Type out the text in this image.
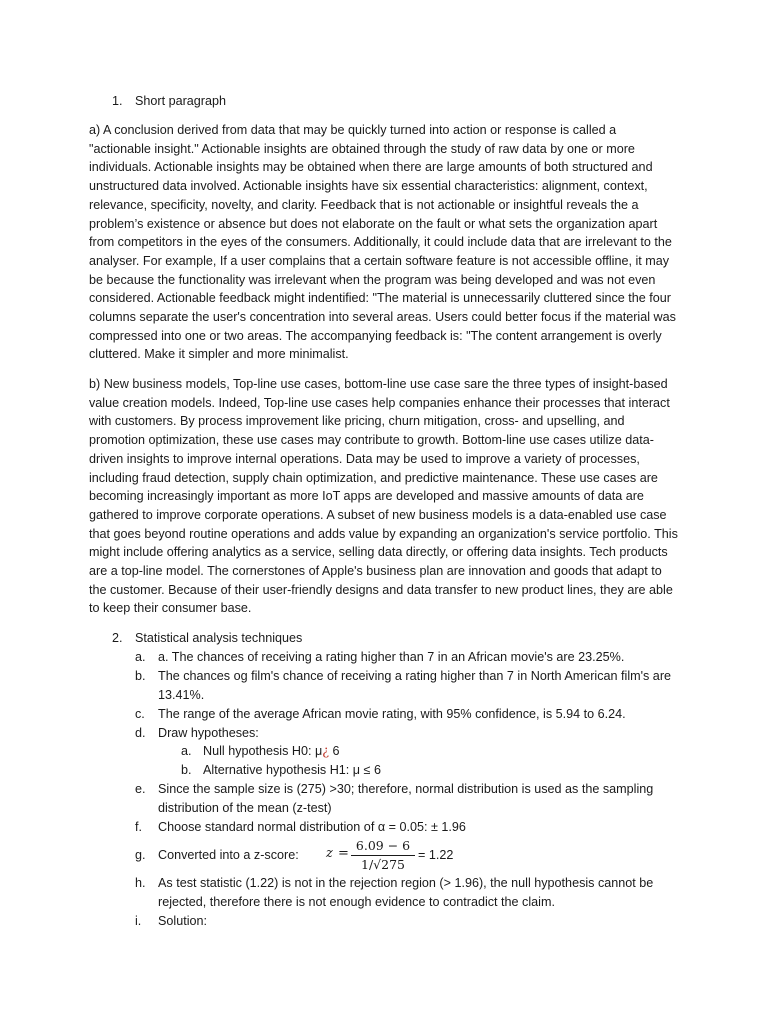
1. Short paragraph

a) A conclusion derived from data that may be quickly turned into action or response is called a "actionable insight." Actionable insights are obtained through the study of raw data by one or more individuals. Actionable insights may be obtained when there are large amounts of both structured and unstructured data involved. Actionable insights have six essential characteristics: alignment, context, relevance, specificity, novelty, and clarity. Feedback that is not actionable or insightful reveals the a problem’s existence or absence but does not elaborate on the fault or what sets the organization apart from competitors in the eyes of the consumers. Additionally, it could include data that are irrelevant to the analyser. For example, If a user complains that a certain software feature is not accessible offline, it may be because the functionality was irrelevant when the program was being developed and was not even considered. Actionable feedback might indentified: "The material is unnecessarily cluttered since the four columns separate the user's concentration into several areas. Users could better focus if the material was compressed into one or two areas. The accompanying feedback is: "The content arrangement is overly cluttered. Make it simpler and more minimalist.

b) New business models, Top-line use cases, bottom-line use case sare the three types of insight-based value creation models. Indeed, Top-line use cases help companies enhance their processes that interact with customers. By process improvement like pricing, churn mitigation, cross- and upselling, and promotion optimization, these use cases may contribute to growth. Bottom-line use cases utilize data-driven insights to improve internal operations. Data may be used to improve a variety of processes, including fraud detection, supply chain optimization, and predictive maintenance. These use cases are becoming increasingly important as more IoT apps are developed and massive amounts of data are gathered to improve corporate operations. A subset of new business models is a data-enabled use case that goes beyond routine operations and adds value by expanding an organization's service portfolio. This might include offering analytics as a service, selling data directly, or offering data insights. Tech products are a top-line model. The cornerstones of Apple's business plan are innovation and goods that adapt to the customer. Because of their user-friendly designs and data transfer to new product lines, they are able to keep their consumer base.

2. Statistical analysis techniques
a. a. The chances of receiving a rating higher than 7 in an African movie's are 23.25%.
b. The chances og film's chance of receiving a rating higher than 7 in North American film's are 13.41%.
c. The range of the average African movie rating, with 95% confidence, is 5.94 to 6.24.
d. Draw hypotheses:
a. Null hypothesis H0: μ¿ 6
b. Alternative hypothesis H1: μ ≤ 6
e. Since the sample size is (275) >30; therefore, normal distribution is used as the sampling distribution of the mean (z-test)
f. Choose standard normal distribution of α = 0.05: ± 1.96
g. Converted into a z-score: z =
6.09 − 6
1/√275
= 1.22
h. As test statistic (1.22) is not in the rejection region (> 1.96), the null hypothesis cannot be rejected, therefore there is not enough evidence to contradict the claim.
i. Solution:
